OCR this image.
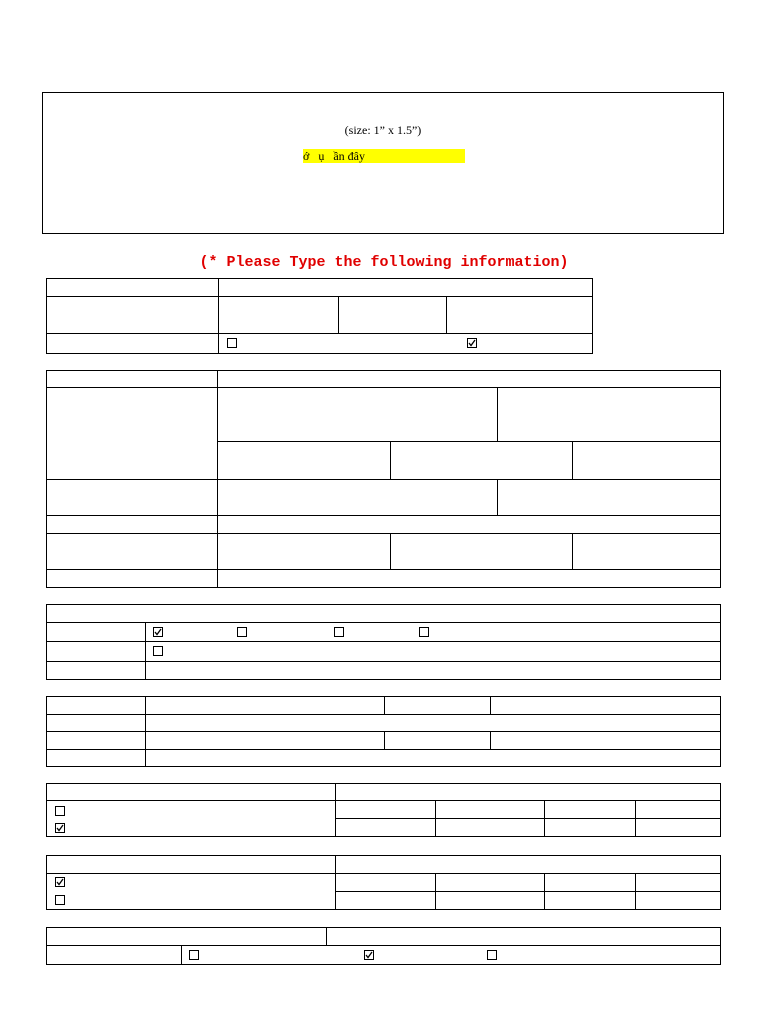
(size: 1” x 1.5”)
ớ   ụ   ần đây
(* Please Type the following information)
